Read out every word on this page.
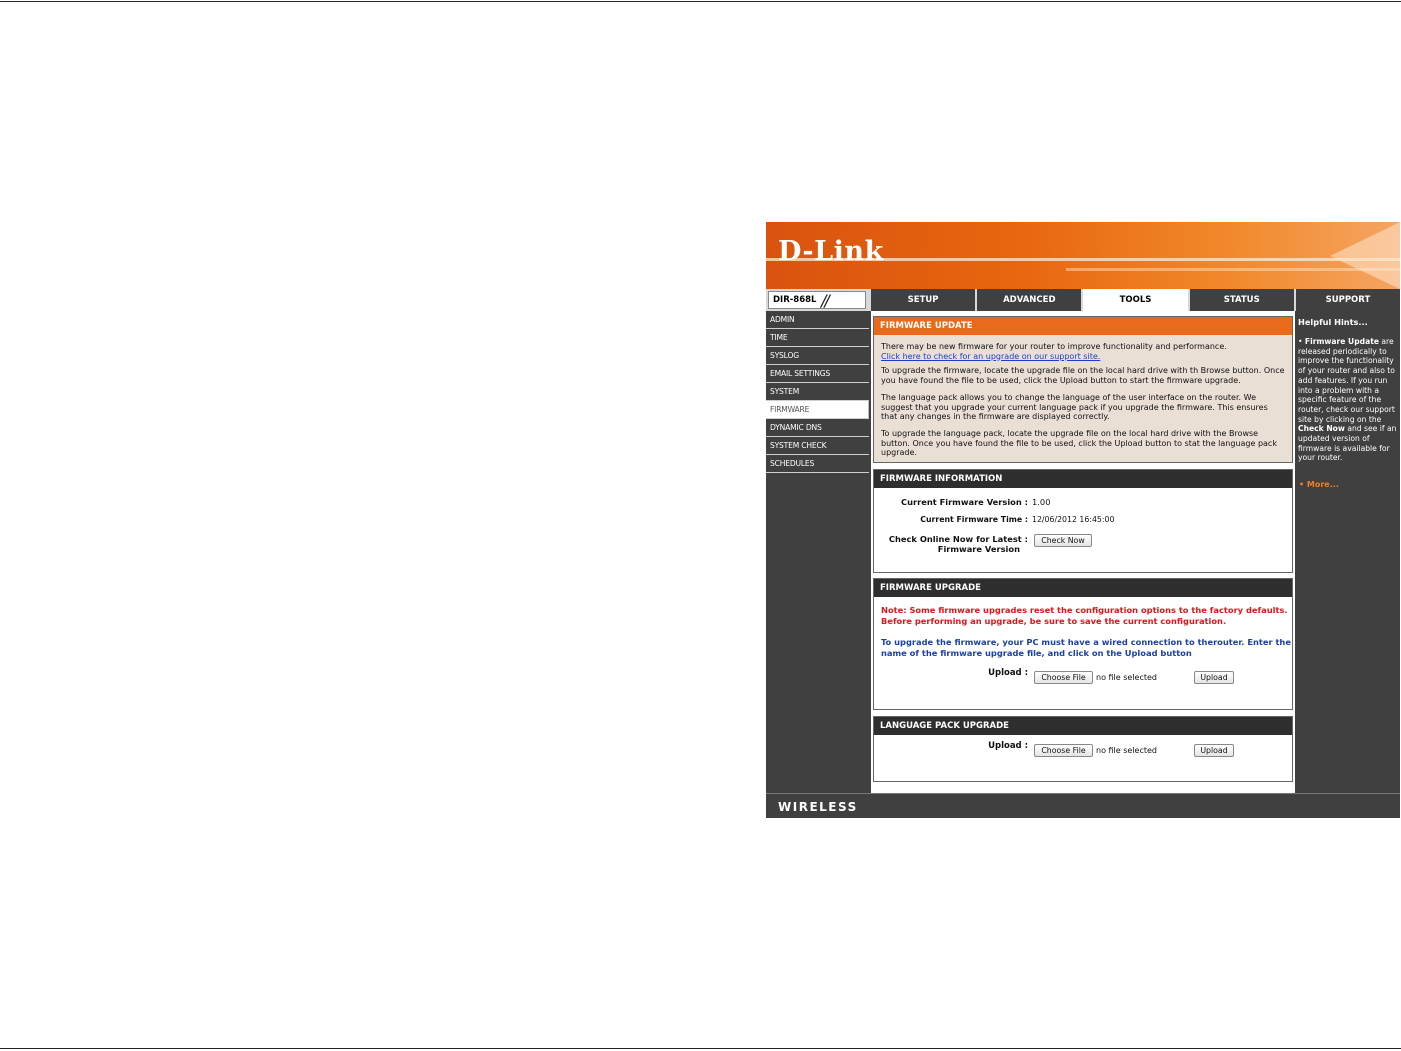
D-Link
DIR-868L //	SETUP	ADVANCED	TOOLS	STATUS	SUPPORT
ADMIN
TIME
SYSLOG
EMAIL SETTINGS
SYSTEM
FIRMWARE
DYNAMIC DNS
SYSTEM CHECK
SCHEDULES
FIRMWARE UPDATE
There may be new firmware for your router to improve functionality and performance.
Click here to check for an upgrade on our support site.
To upgrade the firmware, locate the upgrade file on the local hard drive with th Browse button. Once you have found the file to be used, click the Upload button to start the firmware upgrade.
The language pack allows you to change the language of the user interface on the router. We suggest that you upgrade your current language pack if you upgrade the firmware. This ensures that any changes in the firmware are displayed correctly.
To upgrade the language pack, locate the upgrade file on the local hard drive with the Browse button. Once you have found the file to be used, click the Upload button to stat the language pack upgrade.
FIRMWARE INFORMATION
Current Firmware Version : 1.00
Current Firmware Time : 12/06/2012 16:45:00
Check Online Now for Latest :
Firmware Version
Check Now
FIRMWARE UPGRADE
Note: Some firmware upgrades reset the configuration options to the factory defaults. Before performing an upgrade, be sure to save the current configuration.
To upgrade the firmware, your PC must have a wired connection to therouter. Enter the name of the firmware upgrade file, and click on the Upload button
Upload :	Choose File	no file selected	Upload
LANGUAGE PACK UPGRADE
Upload :	Choose File	no file selected	Upload
Helpful Hints...
• Firmware Update are released periodically to improve the functionality of your router and also to add features. If you run into a problem with a specific feature of the router, check our support site by clicking on the Check Now and see if an updated version of firmware is available for your router.
• More...
WIRELESS
